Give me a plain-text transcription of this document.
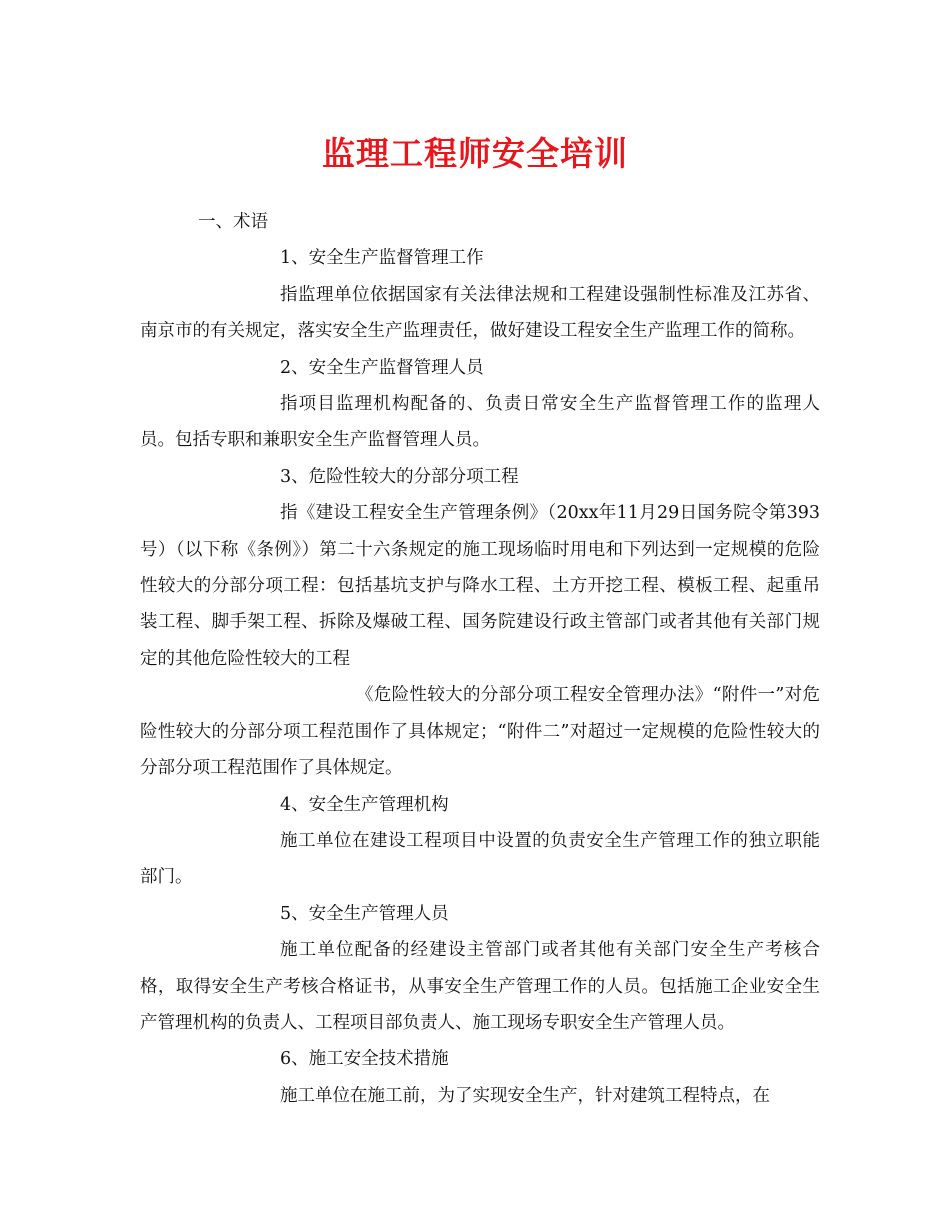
监理工程师安全培训

一、术语

1、安全生产监督管理工作

指监理单位依据国家有关法律法规和工程建设强制性标准及江苏省、南京市的有关规定，落实安全生产监理责任，做好建设工程安全生产监理工作的简称。

2、安全生产监督管理人员

指项目监理机构配备的、负责日常安全生产监督管理工作的监理人员。包括专职和兼职安全生产监督管理人员。

3、危险性较大的分部分项工程

指《建设工程安全生产管理条例》（20xx年11月29日国务院令第393号）（以下称《条例》）第二十六条规定的施工现场临时用电和下列达到一定规模的危险性较大的分部分项工程：包括基坑支护与降水工程、土方开挖工程、模板工程、起重吊装工程、脚手架工程、拆除及爆破工程、国务院建设行政主管部门或者其他有关部门规定的其他危险性较大的工程

《危险性较大的分部分项工程安全管理办法》“附件一”对危险性较大的分部分项工程范围作了具体规定；“附件二”对超过一定规模的危险性较大的分部分项工程范围作了具体规定。

4、安全生产管理机构

施工单位在建设工程项目中设置的负责安全生产管理工作的独立职能部门。

5、安全生产管理人员

施工单位配备的经建设主管部门或者其他有关部门安全生产考核合格，取得安全生产考核合格证书，从事安全生产管理工作的人员。包括施工企业安全生产管理机构的负责人、工程项目部负责人、施工现场专职安全生产管理人员。

6、施工安全技术措施

施工单位在施工前，为了实现安全生产，针对建筑工程特点，在
